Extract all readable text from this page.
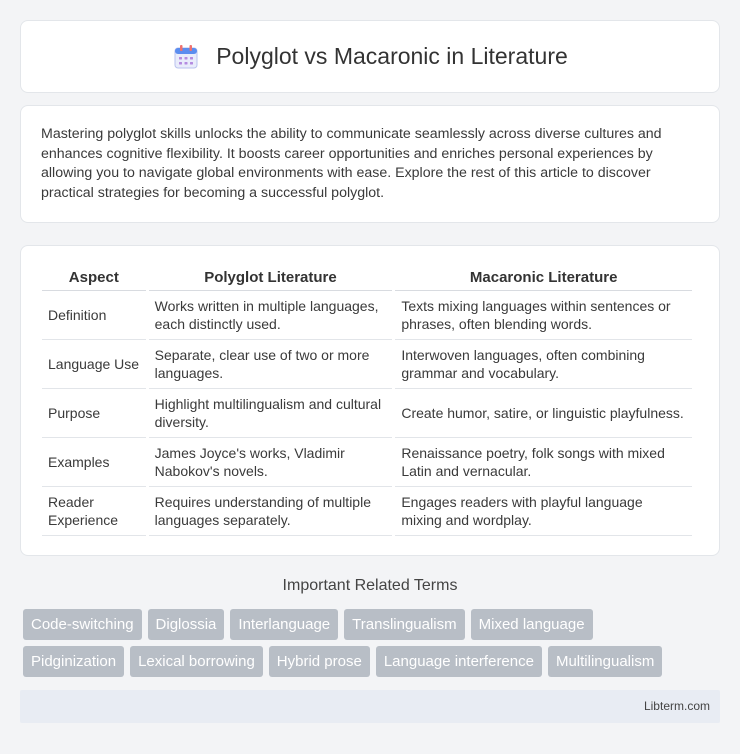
Polyglot vs Macaronic in Literature

Mastering polyglot skills unlocks the ability to communicate seamlessly across diverse cultures and enhances cognitive flexibility. It boosts career opportunities and enriches personal experiences by allowing you to navigate global environments with ease. Explore the rest of this article to discover practical strategies for becoming a successful polyglot.

Aspect	Polyglot Literature	Macaronic Literature
Definition	Works written in multiple languages, each distinctly used.	Texts mixing languages within sentences or phrases, often blending words.
Language Use	Separate, clear use of two or more languages.	Interwoven languages, often combining grammar and vocabulary.
Purpose	Highlight multilingualism and cultural diversity.	Create humor, satire, or linguistic playfulness.
Examples	James Joyce's works, Vladimir Nabokov's novels.	Renaissance poetry, folk songs with mixed Latin and vernacular.
Reader Experience	Requires understanding of multiple languages separately.	Engages readers with playful language mixing and wordplay.
Important Related Terms
Code-switching	Diglossia	Interlanguage	Translingualism	Mixed language
Pidginization	Lexical borrowing	Hybrid prose	Language interference	Multilingualism
Libterm.com
